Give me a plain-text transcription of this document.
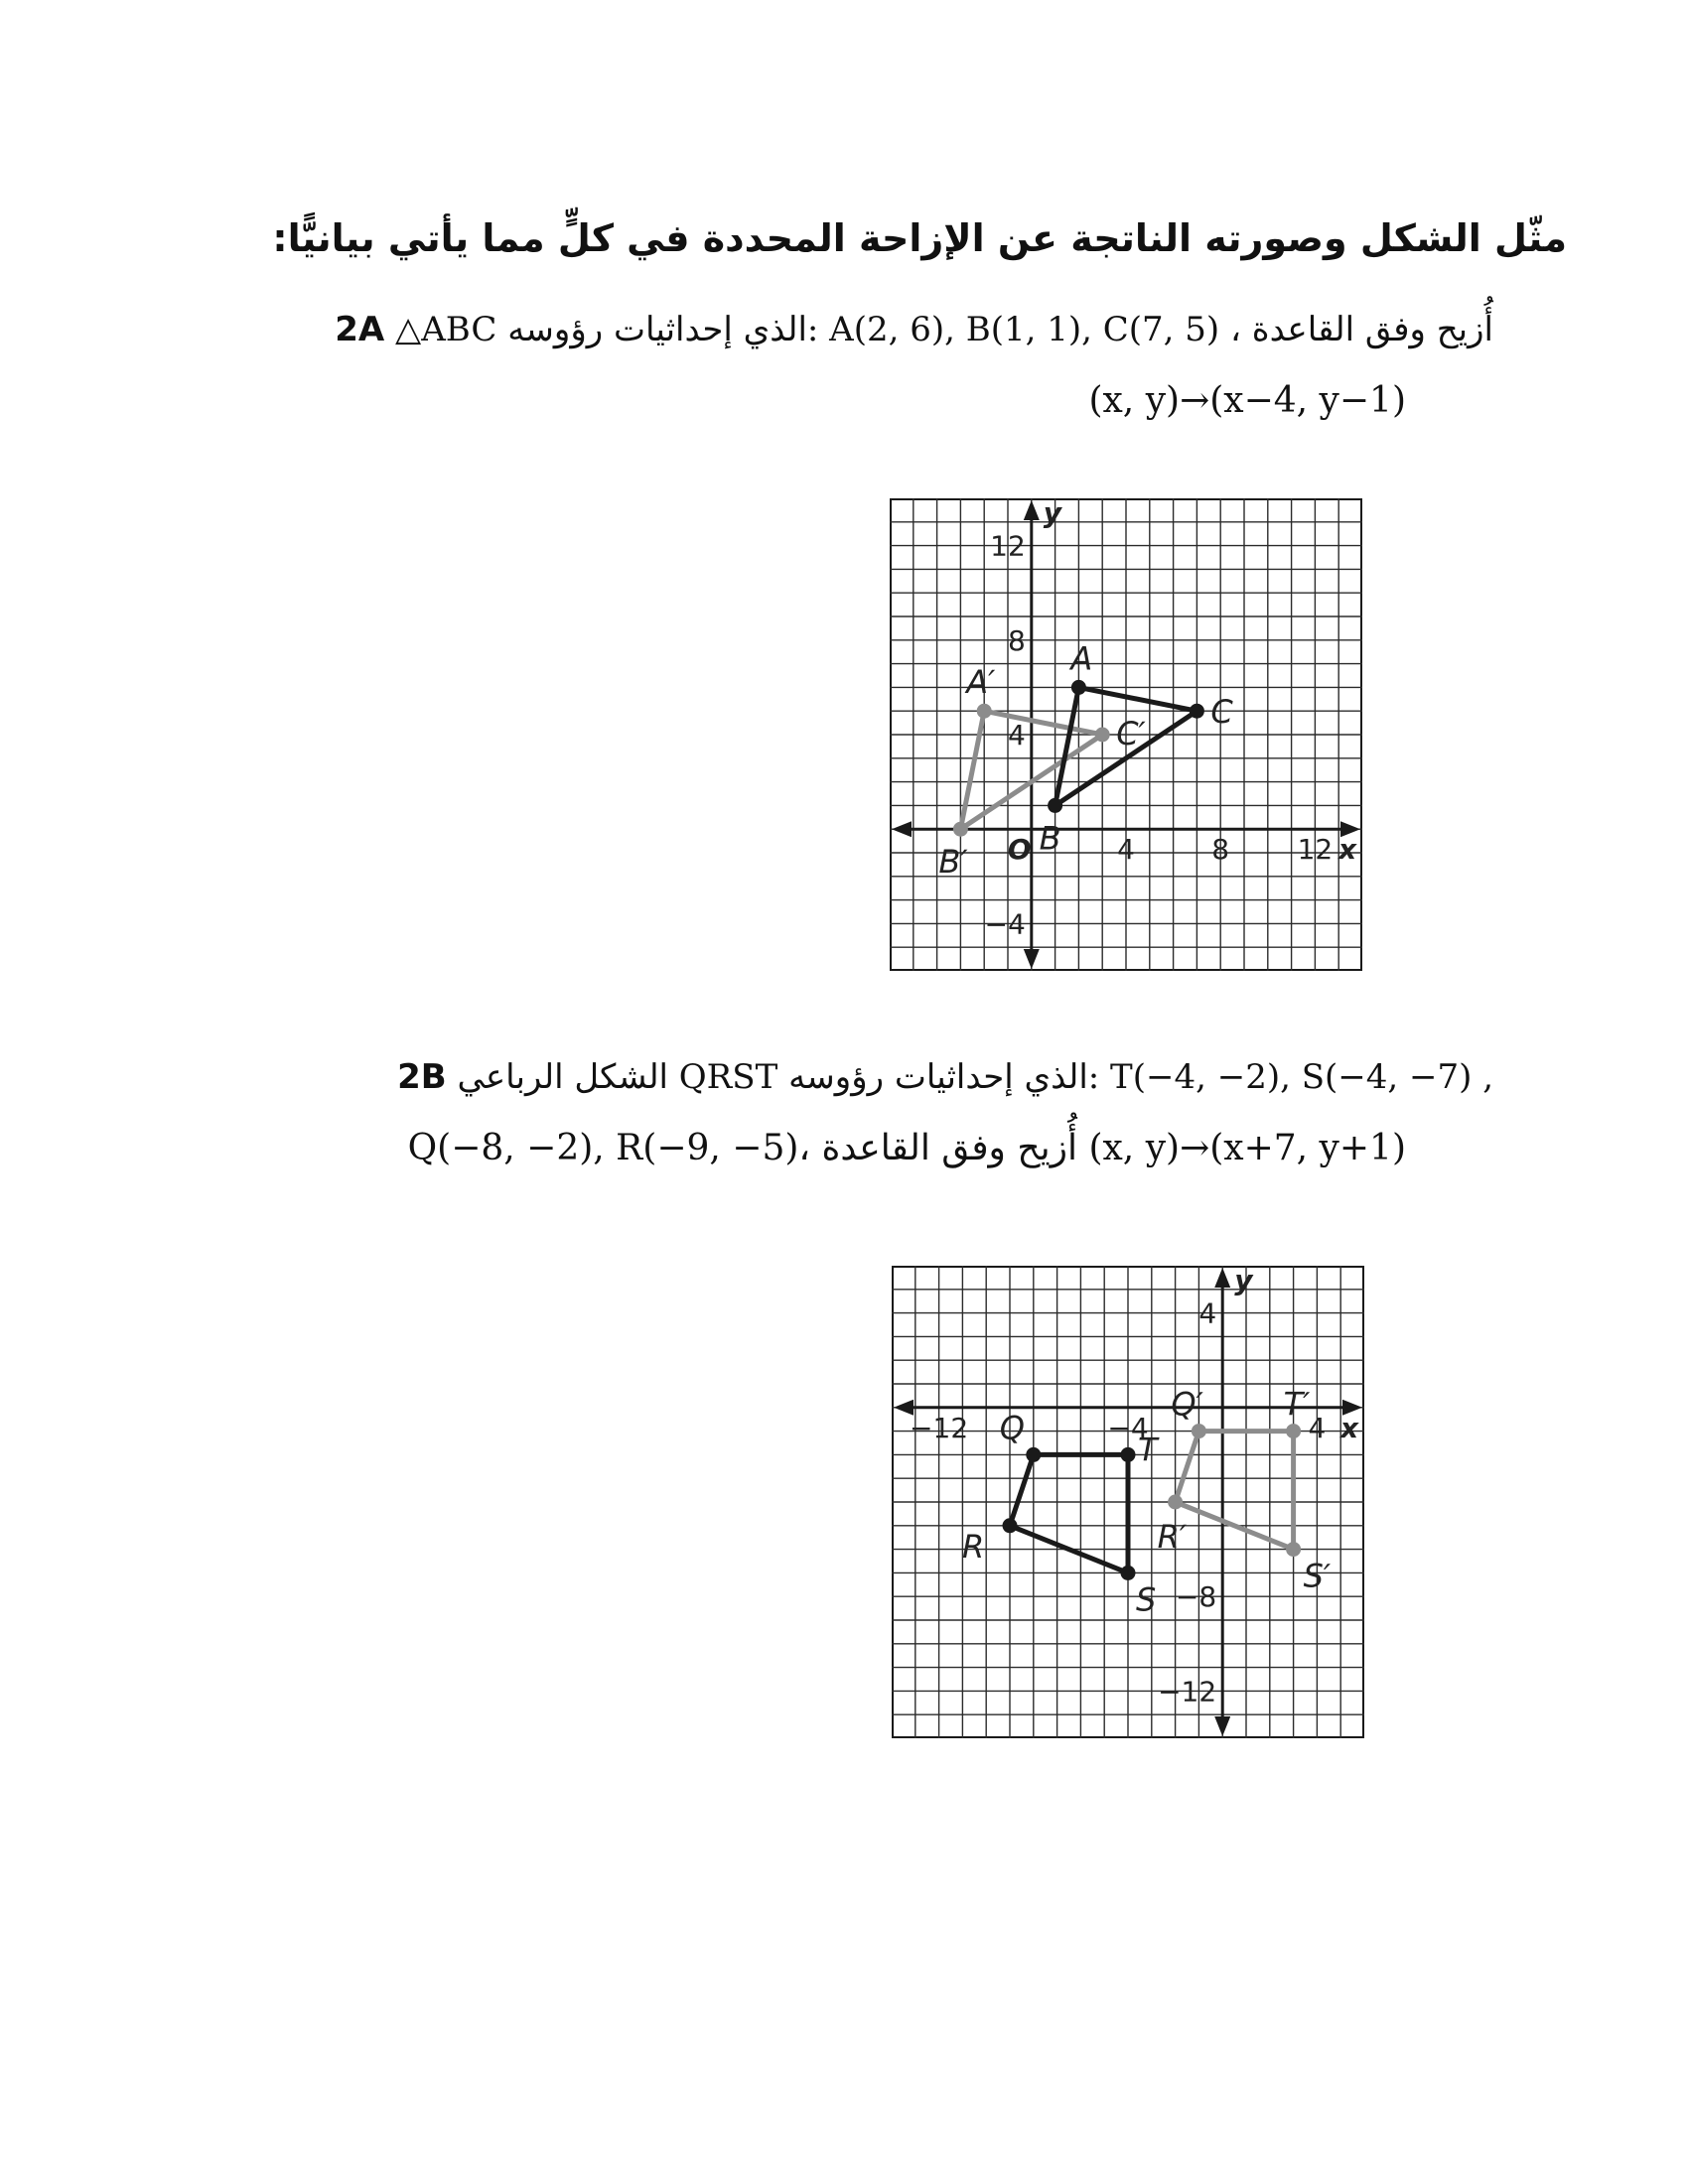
مثّل الشكل وصورته الناتجة عن الإزاحة المحددة في كلٍّ مما يأتي بيانيًّا:
2A △ABC الذي إحداثيات رؤوسه: A(2, 6), B(1, 1), C(7, 5) ، أُزيح وفق القاعدة
(x, y)→(x−4, y−1)
x
y
O	4	8 12
12
8
4
−4
A
B
C
A′
B′
C′
2B الشكل الرباعي QRST الذي إحداثيات رؤوسه: T(−4, −2), S(−4, −7) ,
Q(−8, −2), R(−9, −5)، أُزيح وفق القاعدة (x, y)→(x+7, y+1)
x
y
−12	−4	4
4
−8
−12
Q
T
S
R
Q′	T′
S′
R′
